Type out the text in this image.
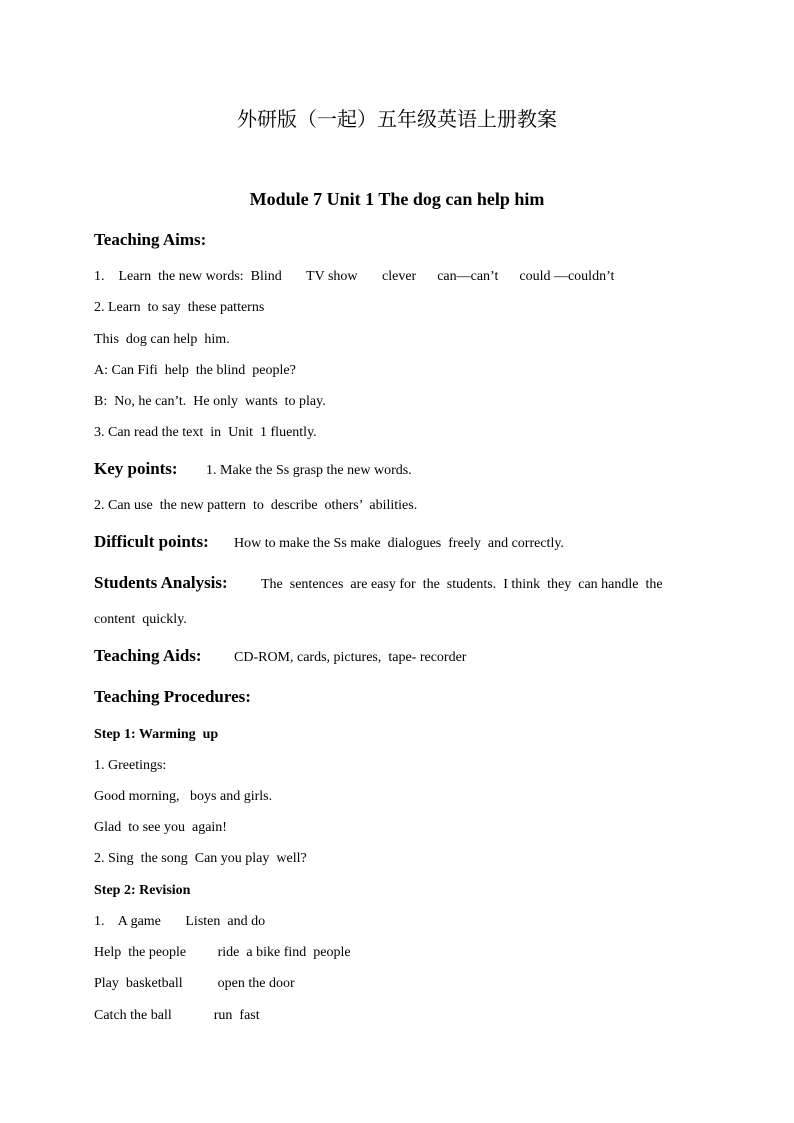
外研版（一起）五年级英语上册教案
Module 7 Unit 1 The dog can help him
Teaching Aims:
1.    Learn  the new words:  Blind       TV show       clever      can—can’t      could —couldn’t
2. Learn  to say  these patterns
This  dog can help  him.
A: Can Fifi  help  the blind  people?
B:  No, he can’t.  He only  wants  to play.
3. Can read the text  in  Unit  1 fluently.
Key points: 1. Make the Ss grasp the new words.
2. Can use  the new pattern  to  describe  others’  abilities.
Difficult points: How to make the Ss make  dialogues  freely  and correctly.
Students Analysis: The  sentences  are easy for  the  students.  I think  they  can handle  the
content  quickly.
Teaching Aids: CD-ROM, cards, pictures,  tape- recorder
Teaching Procedures:
Step 1: Warming  up
1. Greetings:
Good morning,   boys and girls.
Glad  to see you  again!
2. Sing  the song  Can you play  well?
Step 2: Revision
1.    A game       Listen  and do
Help  the people         ride  a bike find  people
Play  basketball          open the door
Catch the ball            run  fast
